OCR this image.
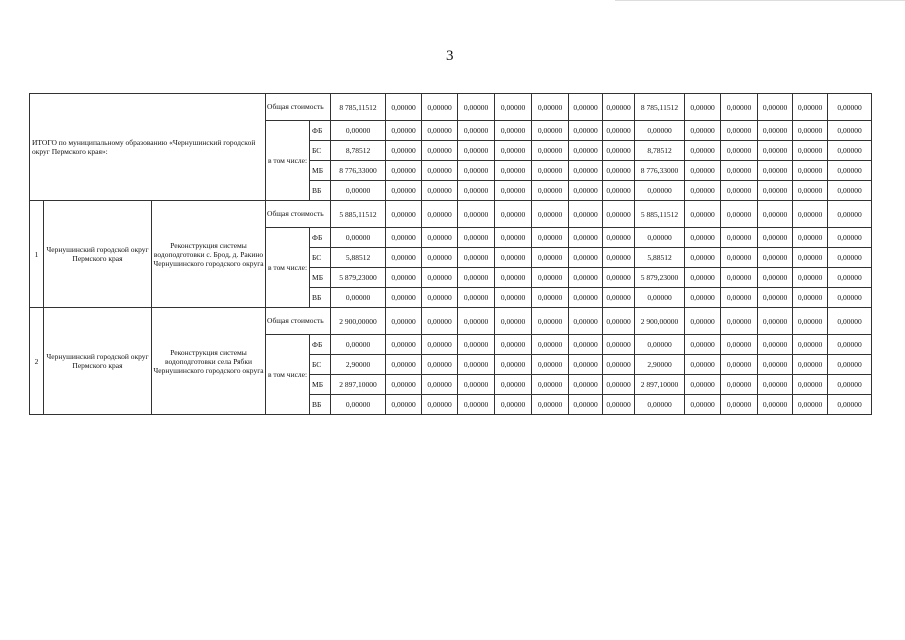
3
ИТОГО по муниципальному образованию «Чернушинский городской округ Пермского края»:			Общая стоимость		8 785,11512	0,00000	0,00000	0,00000	0,00000	0,00000	0,00000	0,00000	8 785,11512	0,00000	0,00000	0,00000	0,00000	0,00000
			в том числе:	ФБ	0,00000	0,00000	0,00000	0,00000	0,00000	0,00000	0,00000	0,00000	0,00000	0,00000	0,00000	0,00000	0,00000	0,00000
				БС	8,78512	0,00000	0,00000	0,00000	0,00000	0,00000	0,00000	0,00000	8,78512	0,00000	0,00000	0,00000	0,00000	0,00000
				МБ	8 776,33000	0,00000	0,00000	0,00000	0,00000	0,00000	0,00000	0,00000	8 776,33000	0,00000	0,00000	0,00000	0,00000	0,00000
				ВБ	0,00000	0,00000	0,00000	0,00000	0,00000	0,00000	0,00000	0,00000	0,00000	0,00000	0,00000	0,00000	0,00000	0,00000
1	Чернушинский городской округ Пермского края	Реконструкция системы водоподготовки с. Брод, д. Ракино Чернушинского городского округа	Общая стоимость		5 885,11512	0,00000	0,00000	0,00000	0,00000	0,00000	0,00000	0,00000	5 885,11512	0,00000	0,00000	0,00000	0,00000	0,00000
			в том числе:	ФБ	0,00000	0,00000	0,00000	0,00000	0,00000	0,00000	0,00000	0,00000	0,00000	0,00000	0,00000	0,00000	0,00000	0,00000
				БС	5,88512	0,00000	0,00000	0,00000	0,00000	0,00000	0,00000	0,00000	5,88512	0,00000	0,00000	0,00000	0,00000	0,00000
				МБ	5 879,23000	0,00000	0,00000	0,00000	0,00000	0,00000	0,00000	0,00000	5 879,23000	0,00000	0,00000	0,00000	0,00000	0,00000
				ВБ	0,00000	0,00000	0,00000	0,00000	0,00000	0,00000	0,00000	0,00000	0,00000	0,00000	0,00000	0,00000	0,00000	0,00000
2	Чернушинский городской округ Пермского края	Реконструкция системы водоподготовки села Рябки Чернушинского городского округа	Общая стоимость		2 900,00000	0,00000	0,00000	0,00000	0,00000	0,00000	0,00000	0,00000	2 900,00000	0,00000	0,00000	0,00000	0,00000	0,00000
			в том числе:	ФБ	0,00000	0,00000	0,00000	0,00000	0,00000	0,00000	0,00000	0,00000	0,00000	0,00000	0,00000	0,00000	0,00000	0,00000
				БС	2,90000	0,00000	0,00000	0,00000	0,00000	0,00000	0,00000	0,00000	2,90000	0,00000	0,00000	0,00000	0,00000	0,00000
				МБ	2 897,10000	0,00000	0,00000	0,00000	0,00000	0,00000	0,00000	0,00000	2 897,10000	0,00000	0,00000	0,00000	0,00000	0,00000
				ВБ	0,00000	0,00000	0,00000	0,00000	0,00000	0,00000	0,00000	0,00000	0,00000	0,00000	0,00000	0,00000	0,00000	0,00000
